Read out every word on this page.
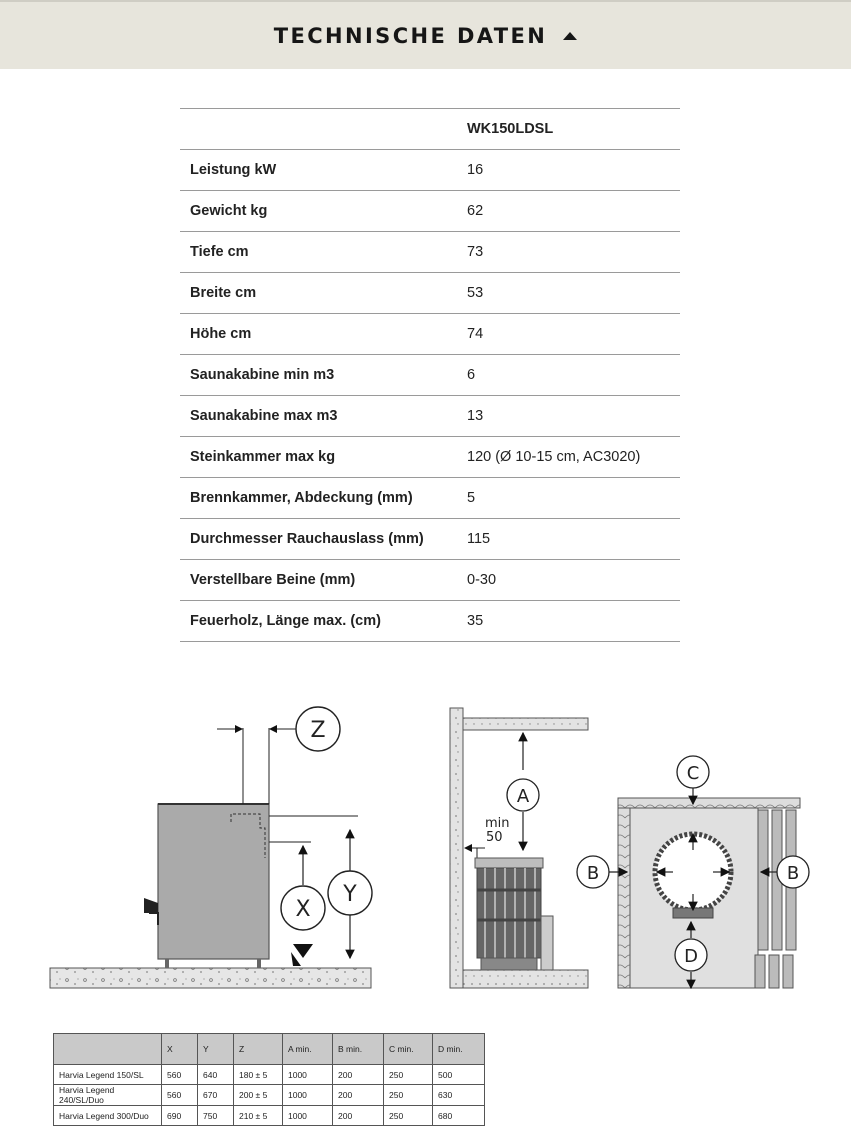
TECHNISCHE DATEN
	WK150LDSL
Leistung kW	16
Gewicht kg	62
Tiefe cm	73
Breite cm	53
Höhe cm	74
Saunakabine min m3	6
Saunakabine max m3	13
Steinkammer max kg	120 (Ø 10-15 cm, AC3020)
Brennkammer, Abdeckung (mm)	5
Durchmesser Rauchauslass (mm)	115
Verstellbare Beine (mm)	0-30
Feuerholz, Länge max. (cm)	35
Z
X
Y
A
min
50
C
B	B
D
	X	Y	Z	A min.	B min.	C min.	D min.
Harvia Legend 150/SL	560	640	180 ± 5	1000	200	250	500
Harvia Legend 240/SL/Duo	560	670	200 ± 5	1000	200	250	630
Harvia Legend 300/Duo	690	750	210 ± 5	1000	200	250	680
